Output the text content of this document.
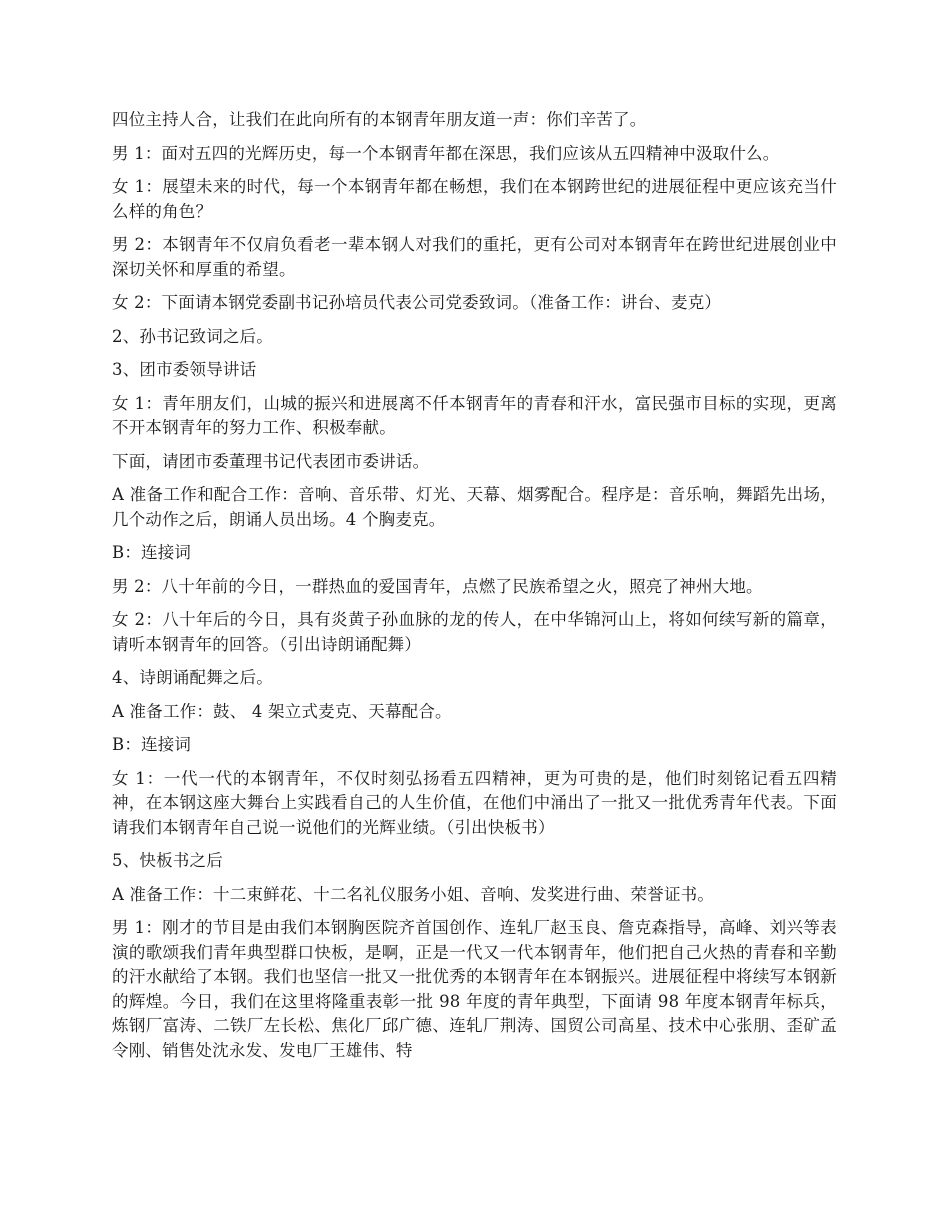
四位主持人合，让我们在此向所有的本钢青年朋友道一声：你们辛苦了。

男 1：面对五四的光辉历史，每一个本钢青年都在深思，我们应该从五四精神中汲取什么。

女 1：展望未来的时代，每一个本钢青年都在畅想，我们在本钢跨世纪的进展征程中更应该充当什么样的角色？

男 2：本钢青年不仅肩负看老一辈本钢人对我们的重托，更有公司对本钢青年在跨世纪进展创业中深切关怀和厚重的希望。

女 2：下面请本钢党委副书记孙培员代表公司党委致词。（准备工作：讲台、麦克）

2、孙书记致词之后。

3、团市委领导讲话

女 1：青年朋友们，山城的振兴和进展离不仟本钢青年的青春和汗水，富民强市目标的实现，更离不开本钢青年的努力工作、积极奉献。

下面，请团市委董理书记代表团市委讲话。

A 准备工作和配合工作：音响、音乐带、灯光、天幕、烟雾配合。程序是：音乐响，舞蹈先出场，几个动作之后，朗诵人员出场。4 个胸麦克。

B：连接词

男 2：八十年前的今日，一群热血的爱国青年，点燃了民族希望之火，照亮了神州大地。

女 2：八十年后的今日，具有炎黄子孙血脉的龙的传人，在中华锦河山上，将如何续写新的篇章，请听本钢青年的回答。（引出诗朗诵配舞）

4、诗朗诵配舞之后。

A 准备工作：鼓、 4 架立式麦克、天幕配合。

B：连接词

女 1：一代一代的本钢青年，不仅时刻弘扬看五四精神，更为可贵的是，他们时刻铭记看五四精神，在本钢这座大舞台上实践看自己的人生价值，在他们中涌出了一批又一批优秀青年代表。下面请我们本钢青年自己说一说他们的光辉业绩。（引出快板书）

5、快板书之后

A 准备工作：十二束鲜花、十二名礼仪服务小姐、音响、发奖进行曲、荣誉证书。

男 1：刚才的节目是由我们本钢胸医院齐首国创作、连轧厂赵玉良、詹克森指导，高峰、刘兴等表演的歌颂我们青年典型群口快板，是啊，正是一代又一代本钢青年，他们把自己火热的青春和辛勤的汗水献给了本钢。我们也坚信一批又一批优秀的本钢青年在本钢振兴。进展征程中将续写本钢新的辉煌。今日，我们在这里将隆重表彰一批 98 年度的青年典型，下面请 98 年度本钢青年标兵，炼钢厂富涛、二铁厂左长松、焦化厂邱广德、连轧厂荆涛、国贸公司高星、技术中心张朋、歪矿孟令刚、销售处沈永发、发电厂王雄伟、特
